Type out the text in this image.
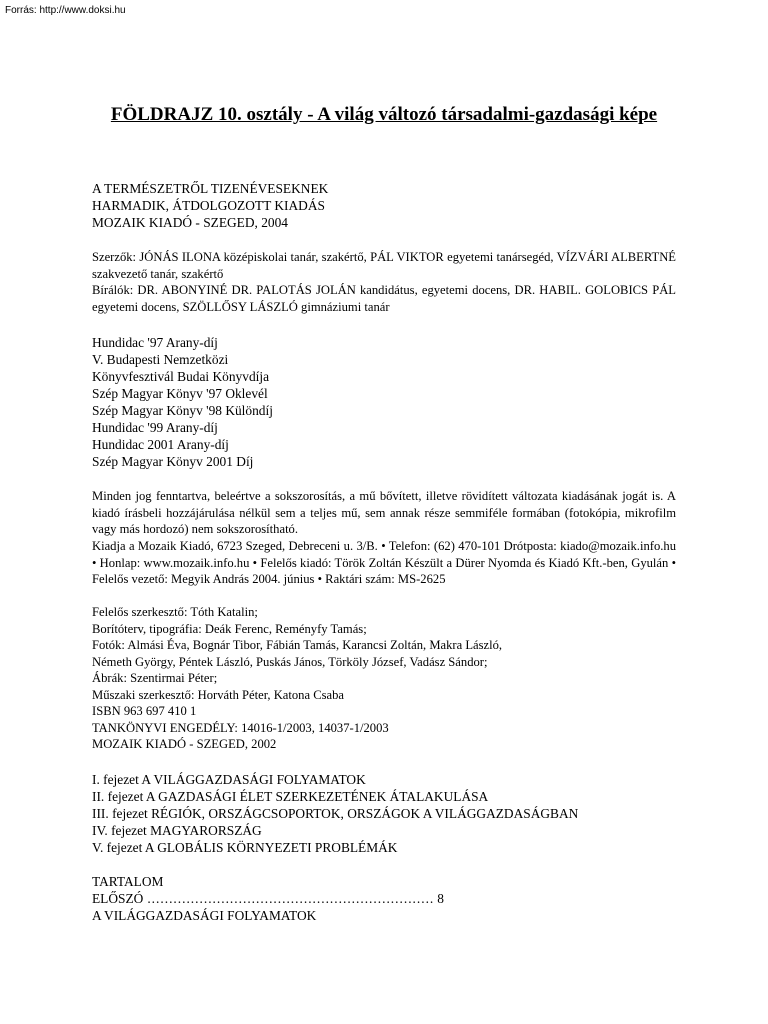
Forrás: http://www.doksi.hu
FÖLDRAJZ 10. osztály - A világ változó társadalmi-gazdasági képe
A TERMÉSZETRŐL TIZENÉVESEKNEK
HARMADIK, ÁTDOLGOZOTT KIADÁS
MOZAIK KIADÓ - SZEGED, 2004

Szerzők: JÓNÁS ILONA középiskolai tanár, szakértő, PÁL VIKTOR egyetemi tanársegéd, VÍZVÁRI ALBERTNÉ szakvezető tanár, szakértő

Bírálók: DR. ABONYINÉ DR. PALOTÁS JOLÁN kandidátus, egyetemi docens, DR. HABIL. GOLOBICS PÁL egyetemi docens, SZÖLLŐSY LÁSZLÓ gimnáziumi tanár

Hundidac '97 Arany-díj
V. Budapesti Nemzetközi
Könyvfesztivál Budai Könyvdíja
Szép Magyar Könyv '97 Oklevél
Szép Magyar Könyv '98 Különdíj
Hundidac '99 Arany-díj
Hundidac 2001 Arany-díj
Szép Magyar Könyv 2001 Díj

Minden jog fenntartva, beleértve a sokszorosítás, a mű bővített, illetve rövidített változata kiadásának jogát is. A kiadó írásbeli hozzájárulása nélkül sem a teljes mű, sem annak része semmiféle formában (fotokópia, mikrofilm vagy más hordozó) nem sokszorosítható.

Kiadja a Mozaik Kiadó, 6723 Szeged, Debreceni u. 3/B. • Telefon: (62) 470-101 Drótposta: kiado@mozaik.info.hu • Honlap: www.mozaik.info.hu • Felelős kiadó: Török Zoltán Készült a Dürer Nyomda és Kiadó Kft.-ben, Gyulán • Felelős vezető: Megyik András 2004. június • Raktári szám: MS-2625

Felelős szerkesztő: Tóth Katalin;
Borítóterv, tipográfia: Deák Ferenc, Reményfy Tamás;
Fotók: Almási Éva, Bognár Tibor, Fábián Tamás, Karancsi Zoltán, Makra László,
Németh György, Péntek László, Puskás János, Törköly József, Vadász Sándor;
Ábrák: Szentirmai Péter;
Műszaki szerkesztő: Horváth Péter, Katona Csaba
ISBN 963 697 410 1
TANKÖNYVI ENGEDÉLY: 14016-1/2003, 14037-1/2003
MOZAIK KIADÓ - SZEGED, 2002
I. fejezet A VILÁGGAZDASÁGI FOLYAMATOK
II. fejezet A GAZDASÁGI ÉLET SZERKEZETÉNEK ÁTALAKULÁSA
III. fejezet RÉGIÓK, ORSZÁGCSOPORTOK, ORSZÁGOK A VILÁGGAZDASÁGBAN
IV. fejezet MAGYARORSZÁG
V. fejezet A GLOBÁLIS KÖRNYEZETI PROBLÉMÁK
TARTALOM
ELŐSZÓ
.....	8
A VILÁGGAZDASÁGI FOLYAMATOK
